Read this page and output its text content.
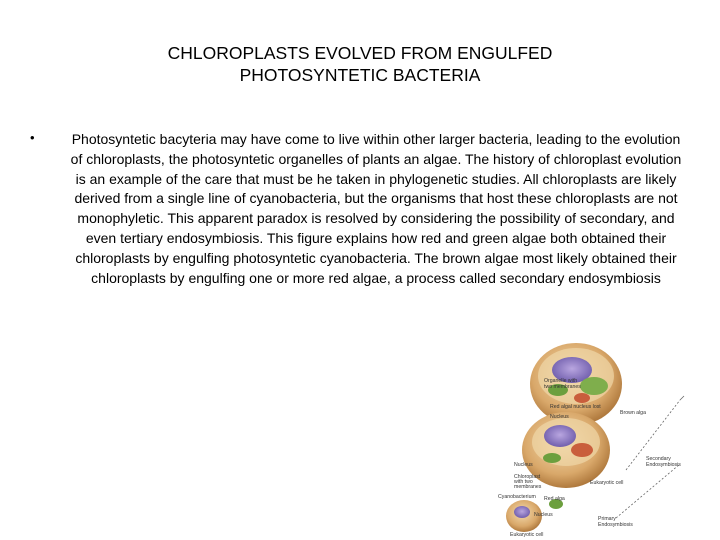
CHLOROPLASTS EVOLVED FROM ENGULFED
PHOTOSYNTETIC BACTERIA
•	Photosyntetic bacyteria may have come to live within other larger bacteria, leading to the evolution of chloroplasts, the photosyntetic organelles of plants an algae. The history of chloroplast evolution is an example of the care that must be he taken in phylogenetic studies. All chloroplasts are likely derived from a single line of cyanobacteria, but the organisms that host these chloroplasts are not monophyletic. This apparent paradox is resolved by considering the possibility of secondary, and even tertiary endosymbiosis. This figure explains how red and green algae both obtained their chloroplasts by engulfing photosyntetic cyanobacteria. The brown algae most likely obtained their chloroplasts by engulfing one or more red algae, a process called secondary endosymbiosis
Organelle with
two membranes
Red algal nucleus lost
Nucleus
Brown alga
Secondary
Endosymbiosis
Nucleus
Chloroplast
with two
membranes
Eukaryotic cell
Cyanobacterium Red alga
Nucleus
Primary
Endosymbiosis
Eukaryotic cell
